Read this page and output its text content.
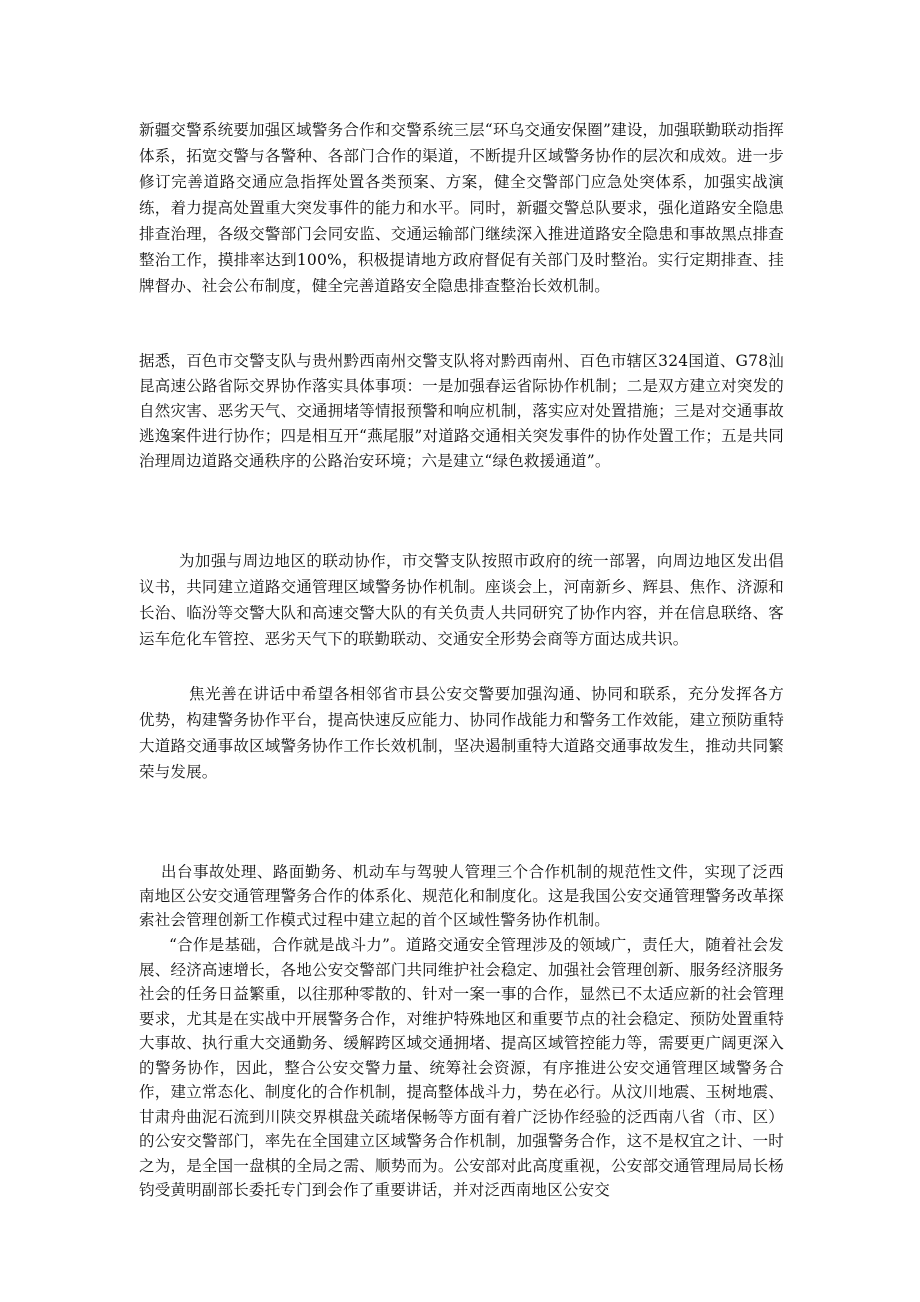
新疆交警系统要加强区域警务合作和交警系统三层“环乌交通安保圈”建设，加强联勤联动指挥体系，拓宽交警与各警种、各部门合作的渠道，不断提升区域警务协作的层次和成效。进一步修订完善道路交通应急指挥处置各类预案、方案，健全交警部门应急处突体系，加强实战演练，着力提高处置重大突发事件的能力和水平。同时，新疆交警总队要求，强化道路安全隐患排查治理，各级交警部门会同安监、交通运输部门继续深入推进道路安全隐患和事故黑点排查整治工作，摸排率达到100%，积极提请地方政府督促有关部门及时整治。实行定期排查、挂牌督办、社会公布制度，健全完善道路安全隐患排查整治长效机制。

据悉，百色市交警支队与贵州黔西南州交警支队将对黔西南州、百色市辖区324国道、G78汕昆高速公路省际交界协作落实具体事项：一是加强春运省际协作机制；二是双方建立对突发的自然灾害、恶劣天气、交通拥堵等情报预警和响应机制，落实应对处置措施；三是对交通事故逃逸案件进行协作；四是相互开“燕尾服”对道路交通相关突发事件的协作处置工作；五是共同治理周边道路交通秩序的公路治安环境；六是建立“绿色救援通道”。

为加强与周边地区的联动协作，市交警支队按照市政府的统一部署，向周边地区发出倡议书，共同建立道路交通管理区域警务协作机制。座谈会上，河南新乡、辉县、焦作、济源和长治、临汾等交警大队和高速交警大队的有关负责人共同研究了协作内容，并在信息联络、客运车危化车管控、恶劣天气下的联勤联动、交通安全形势会商等方面达成共识。

焦光善在讲话中希望各相邻省市县公安交警要加强沟通、协同和联系，充分发挥各方优势，构建警务协作平台，提高快速反应能力、协同作战能力和警务工作效能，建立预防重特大道路交通事故区域警务协作工作长效机制，坚决遏制重特大道路交通事故发生，推动共同繁荣与发展。

出台事故处理、路面勤务、机动车与驾驶人管理三个合作机制的规范性文件，实现了泛西南地区公安交通管理警务合作的体系化、规范化和制度化。这是我国公安交通管理警务改革探索社会管理创新工作模式过程中建立起的首个区域性警务协作机制。

“合作是基础，合作就是战斗力”。道路交通安全管理涉及的领域广，责任大，随着社会发展、经济高速增长，各地公安交警部门共同维护社会稳定、加强社会管理创新、服务经济服务社会的任务日益繁重，以往那种零散的、针对一案一事的合作，显然已不太适应新的社会管理要求，尤其是在实战中开展警务合作，对维护特殊地区和重要节点的社会稳定、预防处置重特大事故、执行重大交通勤务、缓解跨区域交通拥堵、提高区域管控能力等，需要更广阔更深入的警务协作，因此，整合公安交警力量、统筹社会资源，有序推进公安交通管理区域警务合作，建立常态化、制度化的合作机制，提高整体战斗力，势在必行。从汶川地震、玉树地震、甘肃舟曲泥石流到川陕交界棋盘关疏堵保畅等方面有着广泛协作经验的泛西南八省（市、区）的公安交警部门，率先在全国建立区域警务合作机制，加强警务合作，这不是权宜之计、一时之为，是全国一盘棋的全局之需、顺势而为。公安部对此高度重视，公安部交通管理局局长杨钧受黄明副部长委托专门到会作了重要讲话，并对泛西南地区公安交
